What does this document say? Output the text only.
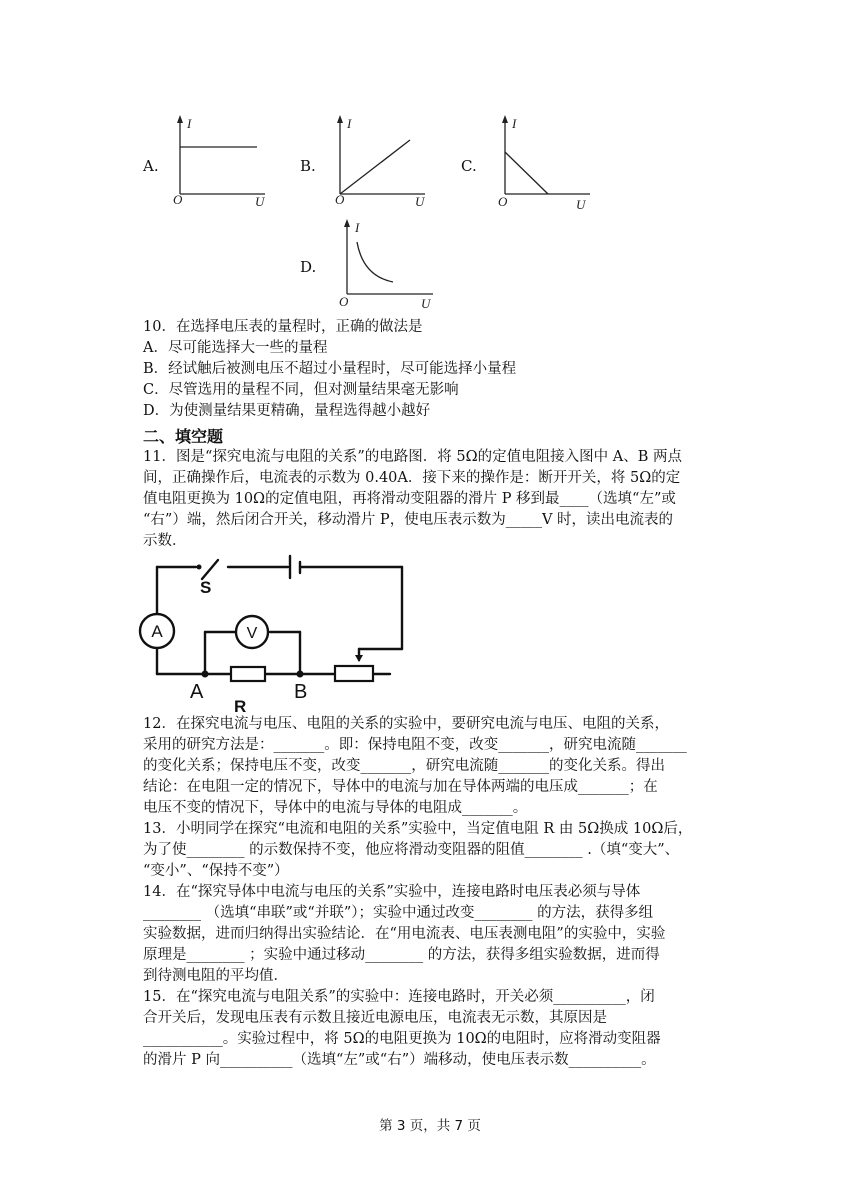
A.
I
O	U
B.
I
O	U
C.
I
O	U
D.
I
O	U
10．在选择电压表的量程时，正确的做法是
A．尽可能选择大一些的量程
B．经试触后被测电压不超过小量程时，尽可能选择小量程
C．尽管选用的量程不同，但对测量结果毫无影响
D．为使测量结果更精确，量程选得越小越好
二、填空题
11．图是“探究电流与电阻的关系”的电路图．将 5Ω的定值电阻接入图中 A、B 两点
间，正确操作后，电流表的示数为 0.40A．接下来的操作是：断开开关，将 5Ω的定
值电阻更换为 10Ω的定值电阻，再将滑动变阻器的滑片 P 移到最____（选填“左”或
“右”）端，然后闭合开关，移动滑片 P，使电压表示数为_____V 时，读出电流表的
示数．
A	V
S
A	B
R
12．在探究电流与电压、电阻的关系的实验中，要研究电流与电压、电阻的关系，
采用的研究方法是：_______。即：保持电阻不变，改变_______，研究电流随_______
的变化关系；保持电压不变，改变_______，研究电流随_______的变化关系。得出
结论：在电阻一定的情况下，导体中的电流与加在导体两端的电压成_______；在
电压不变的情况下，导体中的电流与导体的电阻成_______。
13．小明同学在探究“电流和电阻的关系”实验中，当定值电阻 R 由 5Ω换成 10Ω后，
为了使________ 的示数保持不变，他应将滑动变阻器的阻值________ .（填“变大”、
“变小”、“保持不变”）
14．在“探究导体中电流与电压的关系”实验中，连接电路时电压表必须与导体
________ （选填“串联”或“并联”）；实验中通过改变________ 的方法，获得多组
实验数据，进而归纳得出实验结论．在“用电流表、电压表测电阻”的实验中，实验
原理是________ ；实验中通过移动________ 的方法，获得多组实验数据，进而得
到待测电阻的平均值．
15．在“探究电流与电阻关系”的实验中：连接电路时，开关必须__________，闭
合开关后，发现电压表有示数且接近电源电压，电流表无示数，其原因是
___________。实验过程中，将 5Ω的电阻更换为 10Ω的电阻时，应将滑动变阻器
的滑片 P 向__________（选填“左”或“右”）端移动，使电压表示数__________。
第 3 页，共 7 页
